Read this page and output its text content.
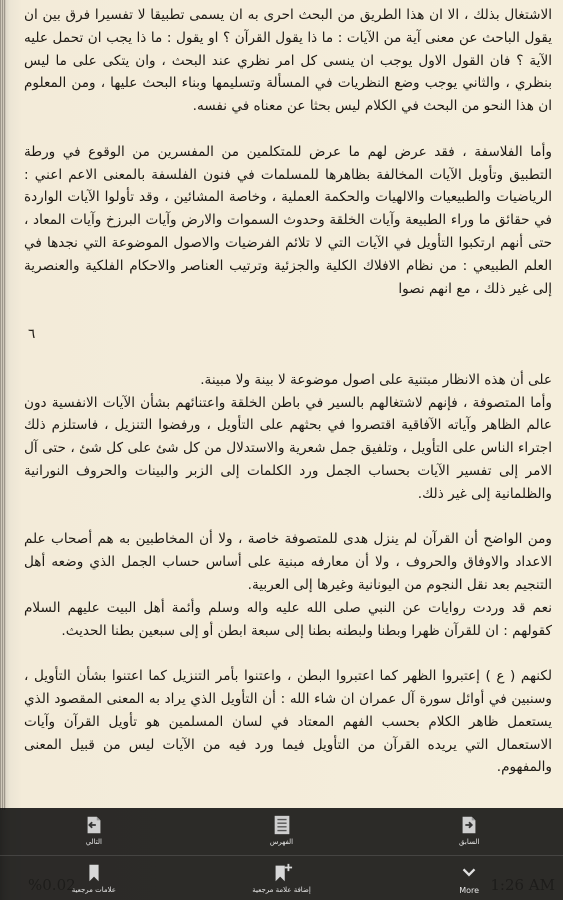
الاشتغال بذلك ، الا ان هذا الطريق من البحث احرى به ان يسمى تطبيقا لا تفسيرا فرق بين ان يقول الباحث عن معنى آية من الآيات : ما ذا يقول القرآن ؟ او يقول : ما ذا يجب ان تحمل عليه الآية ؟ فان القول الاول يوجب ان ينسى كل امر نظري عند البحث ، وان يتكى على ما ليس بنظري ، والثاني يوجب وضع النظريات في المسألة وتسليمها وبناء البحث عليها ، ومن المعلوم ان هذا النحو من البحث في الكلام ليس بحثا عن معناه في نفسه.

وأما الفلاسفة ، فقد عرض لهم ما عرض للمتكلمين من المفسرين من الوقوع في ورطة التطبيق وتأويل الآيات المخالفة بظاهرها للمسلمات في فنون الفلسفة بالمعنى الاعم اعني : الرياضيات والطبيعيات والالهيات والحكمة العملية ، وخاصة المشائين ، وقد تأولوا الآيات الواردة في حقائق ما وراء الطبيعة وآيات الخلقة وحدوث السموات والارض وآيات البرزخ وآيات المعاد ، حتى أنهم ارتكبوا التأويل في الآيات التي لا تلائم الفرضيات والاصول الموضوعة التي نجدها في العلم الطبيعي : من نظام الافلاك الكلية والجزئية وترتيب العناصر والاحكام الفلكية والعنصرية إلى غير ذلك ، مع انهم نصوا

٦

على أن هذه الانظار مبتنية على اصول موضوعة لا بينة ولا مبينة.

وأما المتصوفة ، فإنهم لاشتغالهم بالسير في باطن الخلقة واعتنائهم بشأن الآيات الانفسية دون عالم الظاهر وآياته الآفاقية اقتصروا في بحثهم على التأويل ، ورفضوا التنزيل ، فاستلزم ذلك اجتراء الناس على التأويل ، وتلفيق جمل شعرية والاستدلال من كل شئ على كل شئ ، حتى آل الامر إلى تفسير الآيات بحساب الجمل ورد الكلمات إلى الزبر والبينات والحروف النورانية والظلمانية إلى غير ذلك.

ومن الواضح أن القرآن لم ينزل هدى للمتصوفة خاصة ، ولا أن المخاطبين به هم أصحاب علم الاعداد والاوفاق والحروف ، ولا أن معارفه مبنية على أساس حساب الجمل الذي وضعه أهل التنجيم بعد نقل النجوم من اليونانية وغيرها إلى العربية.

نعم قد وردت روايات عن النبي صلى الله عليه واله وسلم وأئمة أهل البيت عليهم السلام كقولهم : ان للقرآن ظهرا وبطنا ولبطنه بطنا إلى سبعة ابطن أو إلى سبعين بطنا الحديث.

لكنهم ( ع ) إعتبروا الظهر كما اعتبروا البطن ، واعتنوا بأمر التنزيل كما اعتنوا بشأن التأويل ، وسنبين في أوائل سورة آل عمران ان شاء الله : أن التأويل الذي يراد به المعنى المقصود الذي يستعمل ظاهر الكلام بحسب الفهم المعتاد في لسان المسلمين هو تأويل القرآن وآيات الاستعمال التي يريده القرآن من التأويل فيما ورد فيه من الآيات ليس من قبيل المعنى والمفهوم.

التالي	الفهرس	السابق
علامات مرجعية	إضافة علامة مرجعية	More
